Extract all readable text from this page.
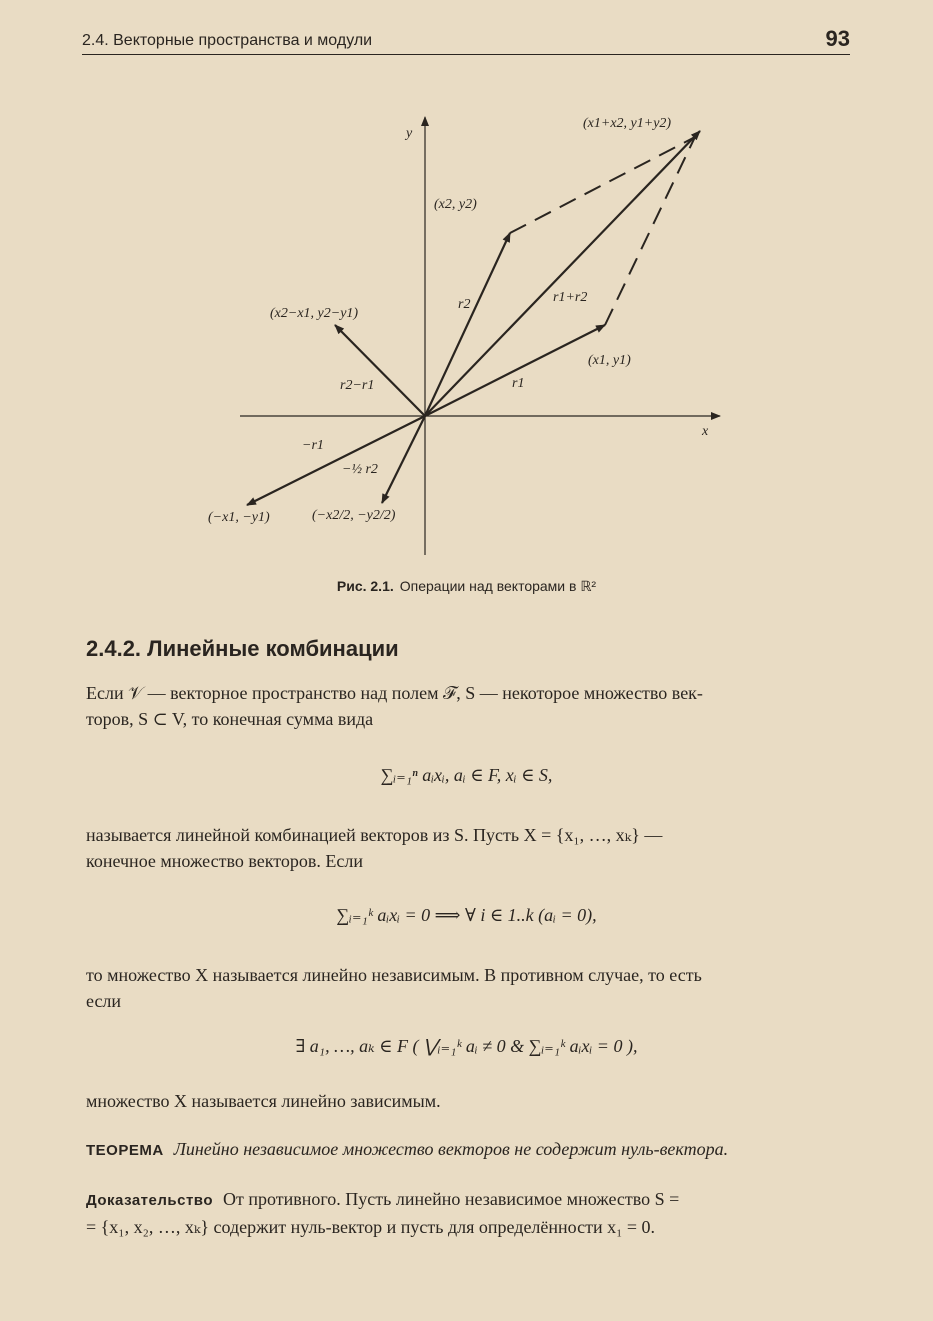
2.4. Векторные пространства и модули	93
x
y
(x1+x2, y1+y2)
(x2, y2)
(x2−x1, y2−y1)
(x1, y1)
(−x1, −y1)	(−x2/2, −y2/2)
r1
r2	r1+r2
r2−r1
−r1
−½ r2
Рис. 2.1. Операции над векторами в ℝ²
2.4.2. Линейные комбинации
Если 𝒱 — векторное пространство над полем ℱ, S — некоторое множество век-
торов, S ⊂ V, то конечная сумма вида
∑ᵢ₌₁ⁿ aᵢxᵢ, aᵢ ∈ F, xᵢ ∈ S,
называется линейной комбинацией векторов из S. Пусть X = {x₁, …, xₖ} —
конечное множество векторов. Если
∑ᵢ₌₁ᵏ aᵢxᵢ = 0 ⟹ ∀ i ∈ 1..k (aᵢ = 0),
то множество X называется линейно независимым. В противном случае, то есть
если
∃ a₁, …, aₖ ∈ F ( ⋁ᵢ₌₁ᵏ aᵢ ≠ 0 & ∑ᵢ₌₁ᵏ aᵢxᵢ = 0 ),
множество X называется линейно зависимым.
ТЕОРЕМА Линейно независимое множество векторов не содержит нуль-вектора.
Доказательство От противного. Пусть линейно независимое множество S =
= {x₁, x₂, …, xₖ} содержит нуль-вектор и пусть для определённости x₁ = 0.
